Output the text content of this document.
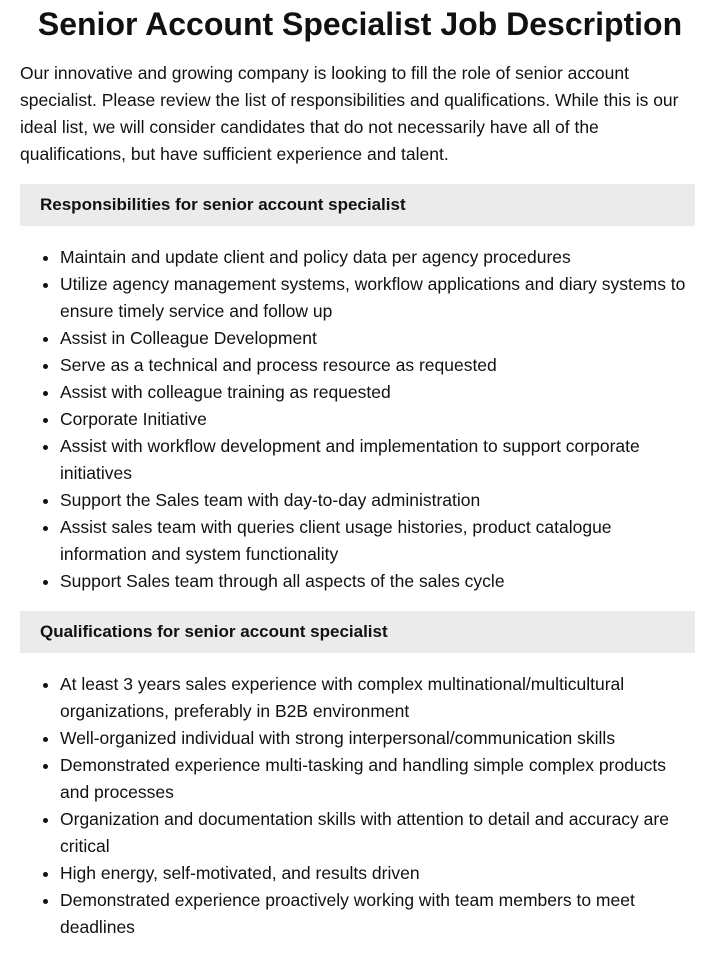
Senior Account Specialist Job Description

Our innovative and growing company is looking to fill the role of senior account specialist. Please review the list of responsibilities and qualifications. While this is our ideal list, we will consider candidates that do not necessarily have all of the qualifications, but have sufficient experience and talent.

Responsibilities for senior account specialist
• Maintain and update client and policy data per agency procedures
• Utilize agency management systems, workflow applications and diary systems to ensure timely service and follow up
• Assist in Colleague Development
• Serve as a technical and process resource as requested
• Assist with colleague training as requested
• Corporate Initiative
• Assist with workflow development and implementation to support corporate initiatives
• Support the Sales team with day-to-day administration
• Assist sales team with queries client usage histories, product catalogue information and system functionality
• Support Sales team through all aspects of the sales cycle
Qualifications for senior account specialist
• At least 3 years sales experience with complex multinational/multicultural organizations, preferably in B2B environment
• Well-organized individual with strong interpersonal/communication skills
• Demonstrated experience multi-tasking and handling simple complex products and processes
• Organization and documentation skills with attention to detail and accuracy are critical
• High energy, self-motivated, and results driven
• Demonstrated experience proactively working with team members to meet deadlines
